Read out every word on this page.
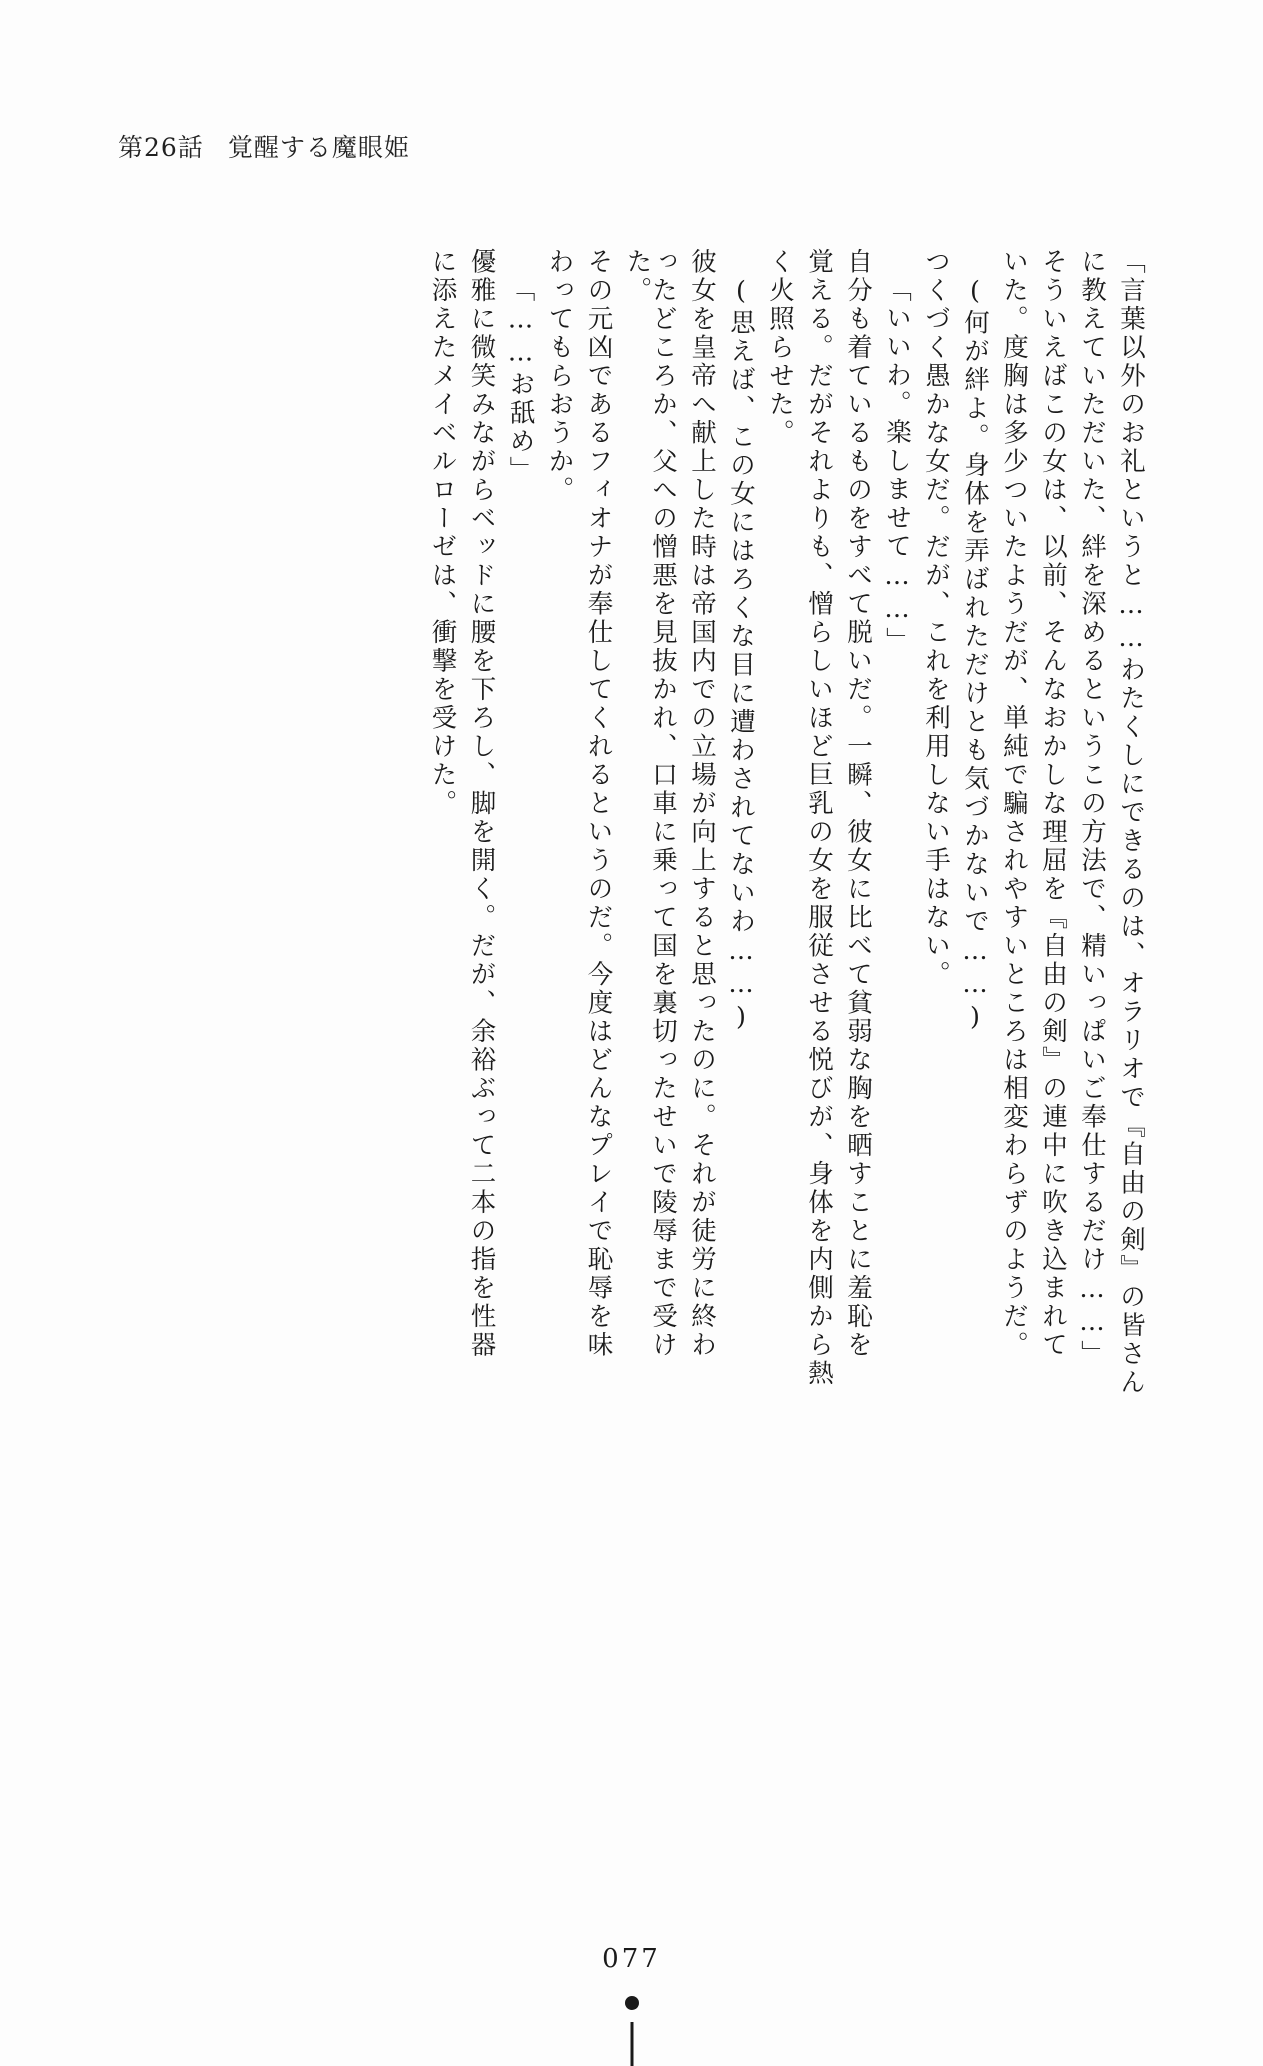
第26話 覚醒する魔眼姫
「言葉以外のお礼というと……わたくしにできるのは、オラリオで『自由の剣』の皆さん
に教えていただいた、絆を深めるというこの方法で、精いっぱいご奉仕するだけ……」
そういえばこの女は、以前、そんなおかしな理屈を『自由の剣』の連中に吹き込まれて
いた。度胸は多少ついたようだが、単純で騙されやすいところは相変わらずのようだ。
(何が絆よ。身体を弄ばれただけとも気づかないで……)
つくづく愚かな女だ。だが、これを利用しない手はない。
「いいわ。楽しませて……」
自分も着ているものをすべて脱いだ。一瞬、彼女に比べて貧弱な胸を晒すことに羞恥を
覚える。だがそれよりも、憎らしいほど巨乳の女を服従させる悦びが、身体を内側から熱
く火照らせた。
(思えば、この女にはろくな目に遭わされてないわ……)
彼女を皇帝へ献上した時は帝国内での立場が向上すると思ったのに。それが徒労に終わ
ったどころか、父への憎悪を見抜かれ、口車に乗って国を裏切ったせいで陵辱まで受けた。
その元凶であるフィオナが奉仕してくれるというのだ。今度はどんなプレイで恥辱を味
わってもらおうか。
「……お舐め」
優雅に微笑みながらベッドに腰を下ろし、脚を開く。だが、余裕ぶって二本の指を性器
に添えたメイベルローゼは、衝撃を受けた。
077
